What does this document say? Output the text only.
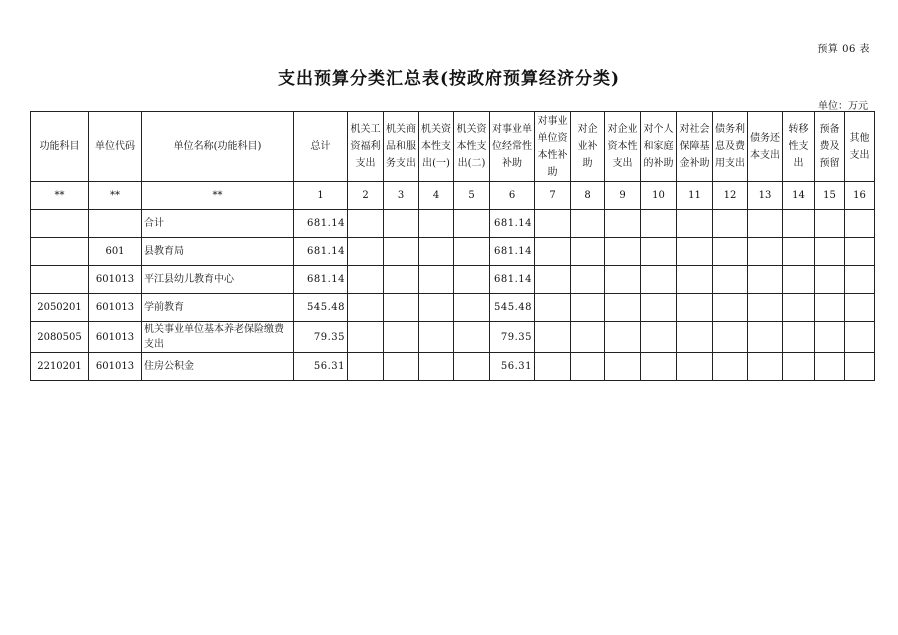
预算 06 表
支出预算分类汇总表(按政府预算经济分类)
单位：万元
功能科目	单位代码	单位名称(功能科目)	总计	机关工资福利支出	机关商品和服务支出	机关资本性支出(一)	机关资本性支出(二)	对事业单位经常性补助	对事业单位资本性补助	对企业补助	对企业资本性支出	对个人和家庭的补助	对社会保障基金补助	债务利息及费用支出	债务还本支出	转移性支出	预备费及预留	其他支出
**	**	**	1	2	3	4	5	6	7	8	9	10	11	12	13	14	15	16
		合计	681.14					681.14										
	601	县教育局	681.14					681.14										
	601013	平江县幼儿教育中心	681.14					681.14										
2050201	601013	学前教育	545.48					545.48										
2080505	601013	机关事业单位基本养老保险缴费支出	79.35					79.35										
2210201	601013	住房公积金	56.31					56.31										
